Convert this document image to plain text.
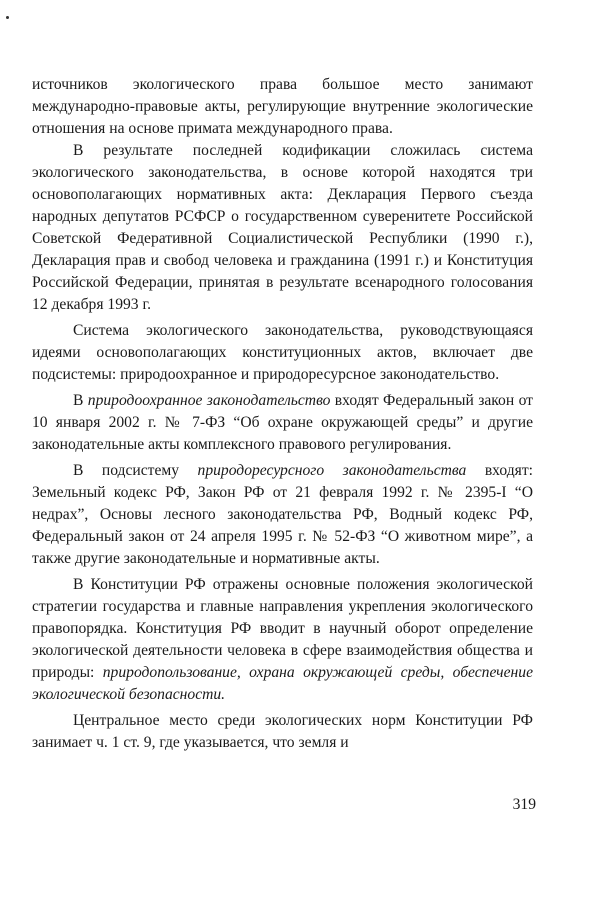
источников экологического права большое место занимают международно-правовые акты, регулирующие внутренние экологические отношения на основе примата международного права.

В результате последней кодификации сложилась система экологического законодательства, в основе которой находятся три основополагающих нормативных акта: Декларация Первого съезда народных депутатов РСФСР о государственном суверенитете Российской Советской Федеративной Социалистической Республики (1990 г.), Декларация прав и свобод человека и гражданина (1991 г.) и Конституция Российской Федерации, принятая в результате всенародного голосования 12 декабря 1993 г.

Система экологического законодательства, руководствующаяся идеями основополагающих конституционных актов, включает две подсистемы: природоохранное и природоресурсное законодательство.

В природоохранное законодательство входят Федеральный закон от 10 января 2002 г. № 7-ФЗ “Об охране окружающей среды” и другие законодательные акты комплексного правового регулирования.

В подсистему природоресурсного законодательства входят: Земельный кодекс РФ, Закон РФ от 21 февраля 1992 г. № 2395-I “О недрах”, Основы лесного законодательства РФ, Водный кодекс РФ, Федеральный закон от 24 апреля 1995 г. № 52-ФЗ “О животном мире”, а также другие законодательные и нормативные акты.

В Конституции РФ отражены основные положения экологической стратегии государства и главные направления укрепления экологического правопорядка. Конституция РФ вводит в научный оборот определение экологической деятельности человека в сфере взаимодействия общества и природы: природопользование, охрана окружающей среды, обеспечение экологической безопасности.

Центральное место среди экологических норм Конституции РФ занимает ч. 1 ст. 9, где указывается, что земля и

319
